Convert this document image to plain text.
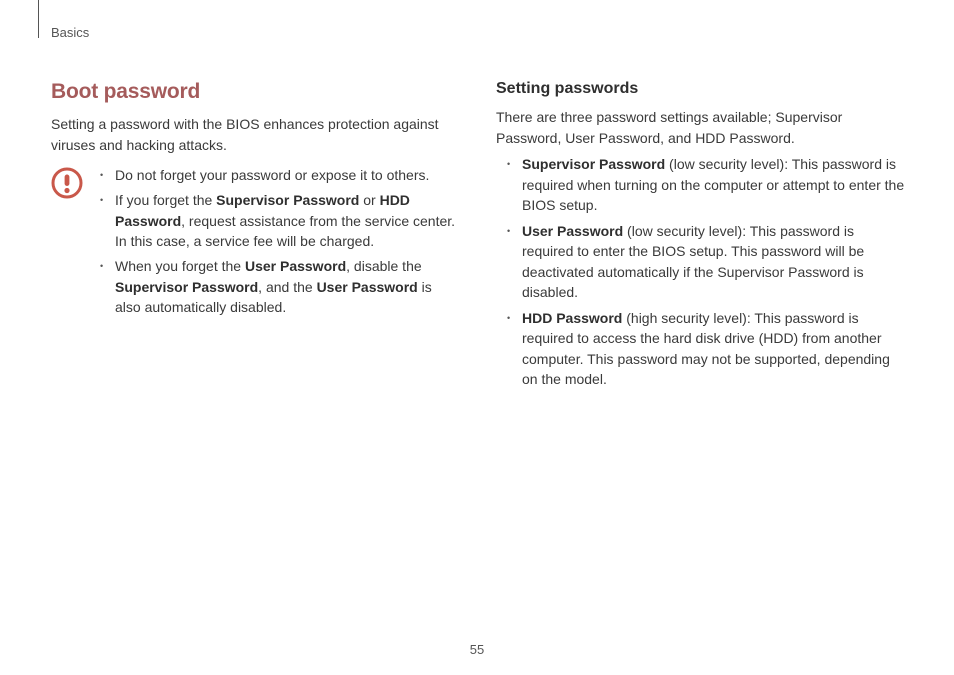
Basics
Boot password

Setting a password with the BIOS enhances protection against viruses and hacking attacks.

• Do not forget your password or expose it to others.
• If you forget the Supervisor Password or HDD Password, request assistance from the service center. In this case, a service fee will be charged.
• When you forget the User Password, disable the Supervisor Password, and the User Password is also automatically disabled.
Setting passwords

There are three password settings available; Supervisor Password, User Password, and HDD Password.

• Supervisor Password (low security level): This password is required when turning on the computer or attempt to enter the BIOS setup.
• User Password (low security level): This password is required to enter the BIOS setup. This password will be deactivated automatically if the Supervisor Password is disabled.
• HDD Password (high security level): This password is required to access the hard disk drive (HDD) from another computer. This password may not be supported, depending on the model.
55
